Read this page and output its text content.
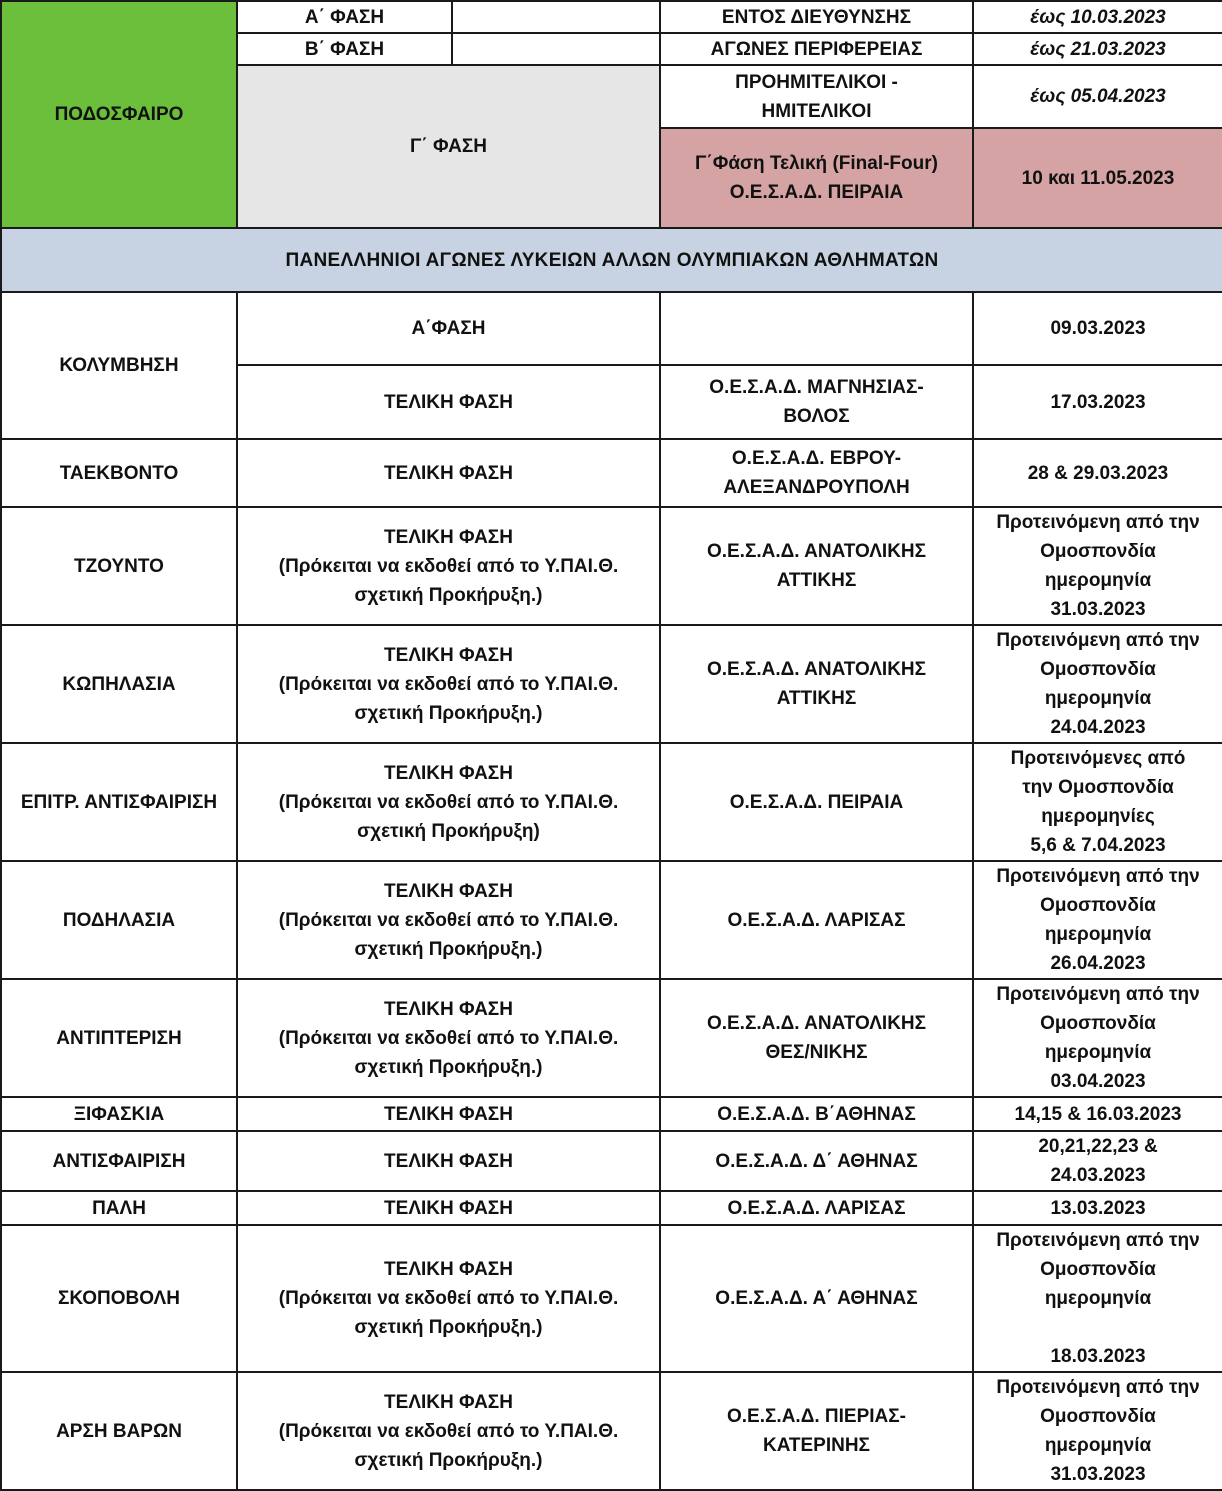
ΠΟΔΟΣΦΑΙΡΟ	Α΄ ΦΑΣΗ		ΕΝΤΟΣ ΔΙΕΥΘΥΝΣΗΣ	έως 10.03.2023
	Β΄ ΦΑΣΗ		ΑΓΩΝΕΣ ΠΕΡΙΦΕΡΕΙΑΣ	έως 21.03.2023
	Γ΄ ΦΑΣΗ		ΠΡΟΗΜΙΤΕΛΙΚΟΙ -
ΗΜΙΤΕΛΙΚΟΙ	έως 05.04.2023

			Γ΄Φάση Τελική (Final-Four)
Ο.Ε.Σ.Α.Δ. ΠΕΙΡΑΙΑ	10 και 11.05.2023
ΠΑΝΕΛΛΗΝΙΟΙ ΑΓΩΝΕΣ ΛΥΚΕΙΩΝ ΑΛΛΩΝ ΟΛΥΜΠΙΑΚΩΝ ΑΘΛΗΜΑΤΩΝ				
ΚΟΛΥΜΒΗΣΗ	Α΄ΦΑΣΗ			09.03.2023
	ΤΕΛΙΚΗ ΦΑΣΗ		Ο.Ε.Σ.Α.Δ. ΜΑΓΝΗΣΙΑΣ-
ΒΟΛΟΣ	17.03.2023
ΤΑΕΚΒΟΝΤΟ	ΤΕΛΙΚΗ ΦΑΣΗ		Ο.Ε.Σ.Α.Δ. ΕΒΡΟΥ-
ΑΛΕΞΑΝΔΡΟΥΠΟΛΗ	28 & 29.03.2023

ΤΖΟΥΝΤΟ	ΤΕΛΙΚΗ ΦΑΣΗ
(Πρόκειται να εκδοθεί από το Υ.ΠΑΙ.Θ.
σχετική Προκήρυξη.)		Ο.Ε.Σ.Α.Δ. ΑΝΑΤΟΛΙΚΗΣ
ΑΤΤΙΚΗΣ	Προτεινόμενη από την
Ομοσπονδία
ημερομηνία
31.03.2023

ΚΩΠΗΛΑΣΙΑ	ΤΕΛΙΚΗ ΦΑΣΗ
(Πρόκειται να εκδοθεί από το Υ.ΠΑΙ.Θ.
σχετική Προκήρυξη.)		Ο.Ε.Σ.Α.Δ. ΑΝΑΤΟΛΙΚΗΣ
ΑΤΤΙΚΗΣ	Προτεινόμενη από την
Ομοσπονδία
ημερομηνία
24.04.2023

ΕΠΙΤΡ. ΑΝΤΙΣΦΑΙΡΙΣΗ	ΤΕΛΙΚΗ ΦΑΣΗ
(Πρόκειται να εκδοθεί από το Υ.ΠΑΙ.Θ.
σχετική Προκήρυξη)		Ο.Ε.Σ.Α.Δ. ΠΕΙΡΑΙΑ	Προτεινόμενες από
την Ομοσπονδία
ημερομηνίες
5,6 & 7.04.2023

ΠΟΔΗΛΑΣΙΑ	ΤΕΛΙΚΗ ΦΑΣΗ
(Πρόκειται να εκδοθεί από το Υ.ΠΑΙ.Θ.
σχετική Προκήρυξη.)		Ο.Ε.Σ.Α.Δ. ΛΑΡΙΣΑΣ	Προτεινόμενη από την
Ομοσπονδία
ημερομηνία
26.04.2023

ΑΝΤΙΠΤΕΡΙΣΗ	ΤΕΛΙΚΗ ΦΑΣΗ
(Πρόκειται να εκδοθεί από το Υ.ΠΑΙ.Θ.
σχετική Προκήρυξη.)		Ο.Ε.Σ.Α.Δ. ΑΝΑΤΟΛΙΚΗΣ
ΘΕΣ/ΝΙΚΗΣ	Προτεινόμενη από την
Ομοσπονδία
ημερομηνία
03.04.2023

ΞΙΦΑΣΚΙΑ	ΤΕΛΙΚΗ ΦΑΣΗ		Ο.Ε.Σ.Α.Δ. Β΄ΑΘΗΝΑΣ	14,15 & 16.03.2023

ΑΝΤΙΣΦΑΙΡΙΣΗ	ΤΕΛΙΚΗ ΦΑΣΗ		Ο.Ε.Σ.Α.Δ. Δ΄ ΑΘΗΝΑΣ	20,21,22,23 &
24.03.2023

ΠΑΛΗ	ΤΕΛΙΚΗ ΦΑΣΗ		Ο.Ε.Σ.Α.Δ. ΛΑΡΙΣΑΣ	13.03.2023

ΣΚΟΠΟΒΟΛΗ	ΤΕΛΙΚΗ ΦΑΣΗ
(Πρόκειται να εκδοθεί από το Υ.ΠΑΙ.Θ.
σχετική Προκήρυξη.)		Ο.Ε.Σ.Α.Δ. Α΄ ΑΘΗΝΑΣ	Προτεινόμενη από την
Ομοσπονδία
ημερομηνία

18.03.2023

ΑΡΣΗ ΒΑΡΩΝ	ΤΕΛΙΚΗ ΦΑΣΗ
(Πρόκειται να εκδοθεί από το Υ.ΠΑΙ.Θ.
σχετική Προκήρυξη.)		Ο.Ε.Σ.Α.Δ. ΠΙΕΡΙΑΣ-
ΚΑΤΕΡΙΝΗΣ	Προτεινόμενη από την
Ομοσπονδία
ημερομηνία
31.03.2023
